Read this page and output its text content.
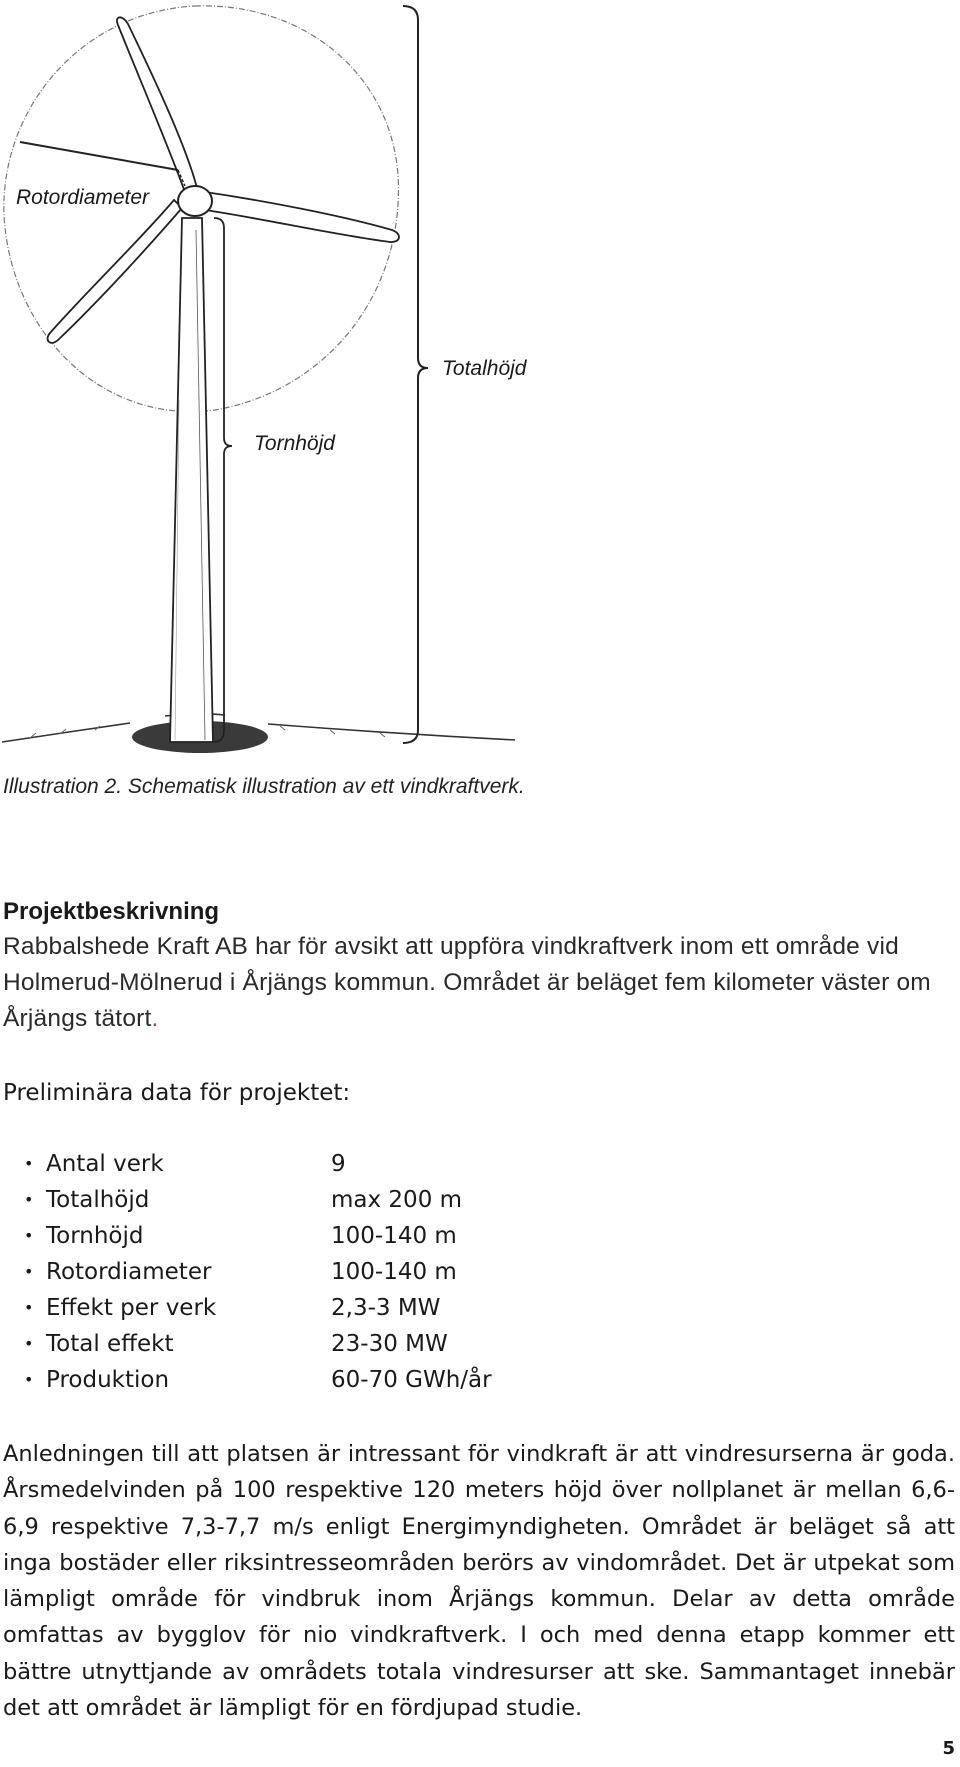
Rotordiameter
Totalhöjd
Tornhöjd
Illustration 2. Schematisk illustration av ett vindkraftverk.
Projektbeskrivning

Rabbalshede Kraft AB har för avsikt att uppföra vindkraftverk inom ett område vid Holmerud-Mölnerud i Årjängs kommun. Området är beläget fem kilometer väster om Årjängs tätort.

Preliminära data för projektet:

• Antal verk	9
• Totalhöjd	max 200 m
• Tornhöjd	100-140 m
• Rotordiameter	100-140 m
• Effekt per verk	2,3-3 MW
• Total effekt	23-30 MW
• Produktion	60-70 GWh/år

Anledningen till att platsen är intressant för vindkraft är att vindresurserna är goda. Årsmedelvinden på 100 respektive 120 meters höjd över nollplanet är mellan 6,6-6,9 respektive 7,3-7,7 m/s enligt Energimyndigheten. Området är beläget så att inga bostäder eller riksintresseområden berörs av vindområdet. Det är utpekat som lämpligt område för vindbruk inom Årjängs kommun. Delar av detta område omfattas av bygglov för nio vindkraftverk. I och med denna etapp kommer ett bättre utnyttjande av områdets totala vindresurser att ske. Sammantaget innebär det att området är lämpligt för en fördjupad studie.

5
